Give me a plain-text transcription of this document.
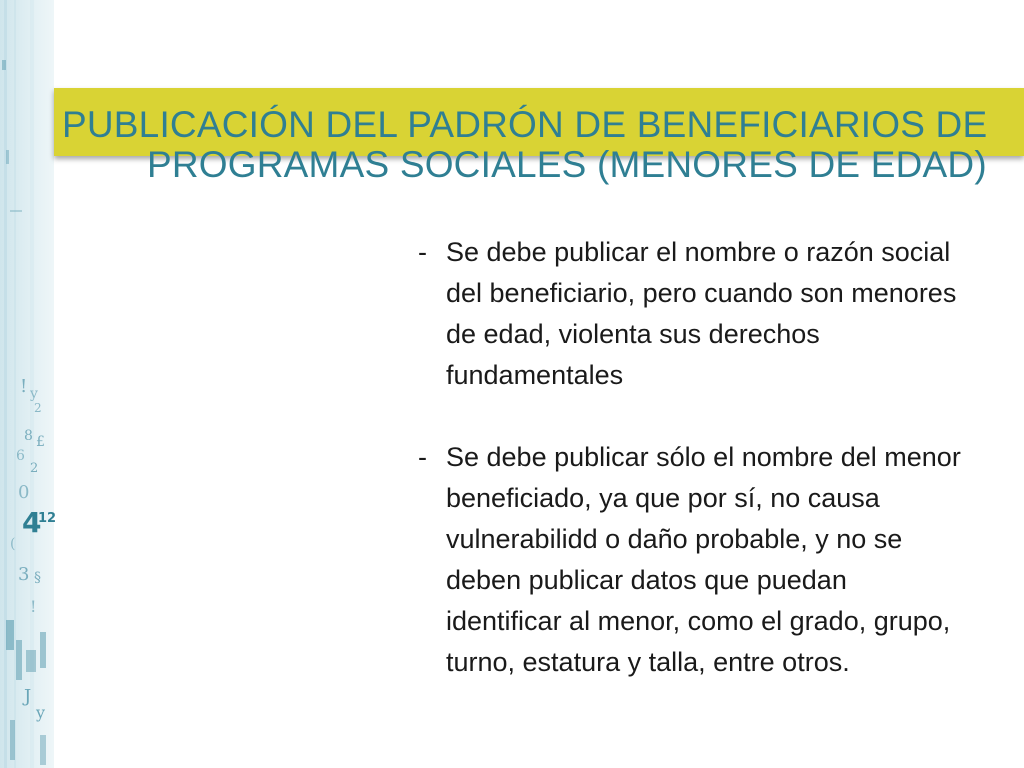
! y
2
8 £
6
2
0
4
12
(
3 §
!
J
y
PUBLICACIÓN DEL PADRÓN DE BENEFICIARIOS DE
PROGRAMAS SOCIALES (MENORES DE EDAD)
- Se debe publicar el nombre o razón social del beneficiario, pero cuando son menores de edad, violenta sus derechos fundamentales
- Se debe publicar sólo el nombre del menor beneficiado, ya que por sí, no causa vulnerabilidd o daño probable, y no se deben publicar datos que puedan identificar al menor, como el grado, grupo, turno, estatura y talla, entre otros.
